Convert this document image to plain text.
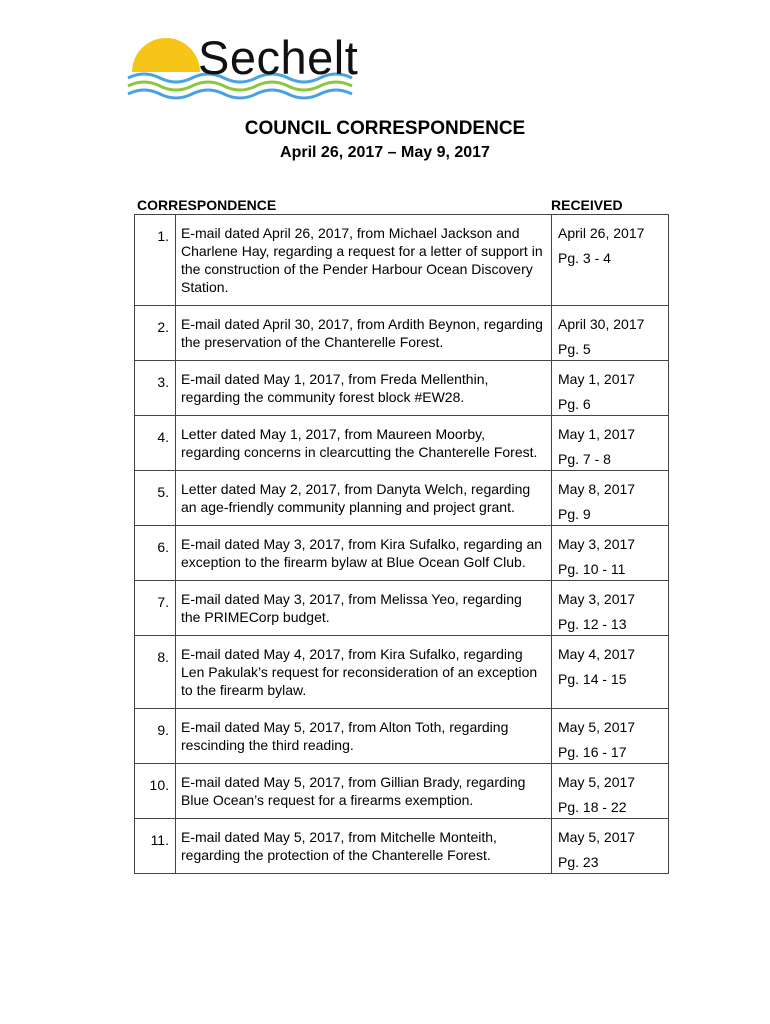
Sechelt
COUNCIL CORRESPONDENCE
April 26, 2017 – May 9, 2017
CORRESPONDENCE	RECEIVED
1.	E-mail dated April 26, 2017, from Michael Jackson and Charlene Hay, regarding a request for a letter of support in the construction of the Pender Harbour Ocean Discovery Station.	April 26, 2017
Pg. 3 - 4

2.	E-mail dated April 30, 2017, from Ardith Beynon, regarding the preservation of the Chanterelle Forest.	April 30, 2017
Pg. 5

3.	E-mail dated May 1, 2017, from Freda Mellenthin, regarding the community forest block #EW28.	May 1, 2017
Pg. 6

4.	Letter dated May 1, 2017, from Maureen Moorby, regarding concerns in clearcutting the Chanterelle Forest.	May 1, 2017
Pg. 7 - 8

5.	Letter dated May 2, 2017, from Danyta Welch, regarding an age-friendly community planning and project grant.	May 8, 2017
Pg. 9

6.	E-mail dated May 3, 2017, from Kira Sufalko, regarding an exception to the firearm bylaw at Blue Ocean Golf Club.	May 3, 2017
Pg. 10 - 11

7.	E-mail dated May 3, 2017, from Melissa Yeo, regarding the PRIMECorp budget.	May 3, 2017
Pg. 12 - 13

8.	E-mail dated May 4, 2017, from Kira Sufalko, regarding Len Pakulak’s request for reconsideration of an exception to the firearm bylaw.	May 4, 2017
Pg. 14 - 15

9.	E-mail dated May 5, 2017, from Alton Toth, regarding rescinding the third reading.	May 5, 2017
Pg. 16 - 17

10.	E-mail dated May 5, 2017, from Gillian Brady, regarding Blue Ocean’s request for a firearms exemption.	May 5, 2017
Pg. 18 - 22

11.	E-mail dated May 5, 2017, from Mitchelle Monteith, regarding the protection of the Chanterelle Forest.	May 5, 2017
Pg. 23
